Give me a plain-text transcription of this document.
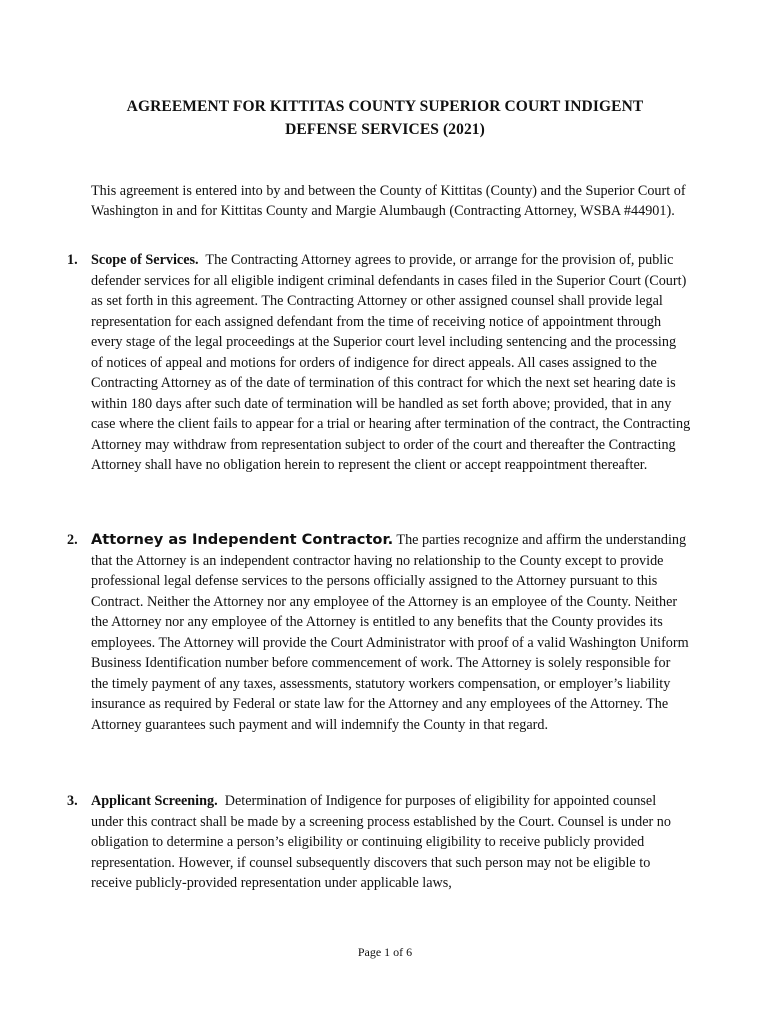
AGREEMENT FOR KITTITAS COUNTY SUPERIOR COURT INDIGENT
DEFENSE SERVICES (2021)
This agreement is entered into by and between the County of Kittitas (County) and the Superior Court of Washington in and for Kittitas County and Margie Alumbaugh (Contracting Attorney, WSBA #44901).
1. Scope of Services. The Contracting Attorney agrees to provide, or arrange for the provision of, public defender services for all eligible indigent criminal defendants in cases filed in the Superior Court (Court) as set forth in this agreement. The Contracting Attorney or other assigned counsel shall provide legal representation for each assigned defendant from the time of receiving notice of appointment through every stage of the legal proceedings at the Superior court level including sentencing and the processing of notices of appeal and motions for orders of indigence for direct appeals. All cases assigned to the Contracting Attorney as of the date of termination of this contract for which the next set hearing date is within 180 days after such date of termination will be handled as set forth above; provided, that in any case where the client fails to appear for a trial or hearing after termination of the contract, the Contracting Attorney may withdraw from representation subject to order of the court and thereafter the Contracting Attorney shall have no obligation herein to represent the client or accept reappointment thereafter.
2. Attorney as Independent Contractor. The parties recognize and affirm the understanding that the Attorney is an independent contractor having no relationship to the County except to provide professional legal defense services to the persons officially assigned to the Attorney pursuant to this Contract. Neither the Attorney nor any employee of the Attorney is an employee of the County. Neither the Attorney nor any employee of the Attorney is entitled to any benefits that the County provides its employees. The Attorney will provide the Court Administrator with proof of a valid Washington Uniform Business Identification number before commencement of work. The Attorney is solely responsible for the timely payment of any taxes, assessments, statutory workers compensation, or employer’s liability insurance as required by Federal or state law for the Attorney and any employees of the Attorney. The Attorney guarantees such payment and will indemnify the County in that regard.
3. Applicant Screening. Determination of Indigence for purposes of eligibility for appointed counsel under this contract shall be made by a screening process established by the Court. Counsel is under no obligation to determine a person’s eligibility or continuing eligibility to receive publicly provided representation. However, if counsel subsequently discovers that such person may not be eligible to receive publicly-provided representation under applicable laws,
Page 1 of 6
